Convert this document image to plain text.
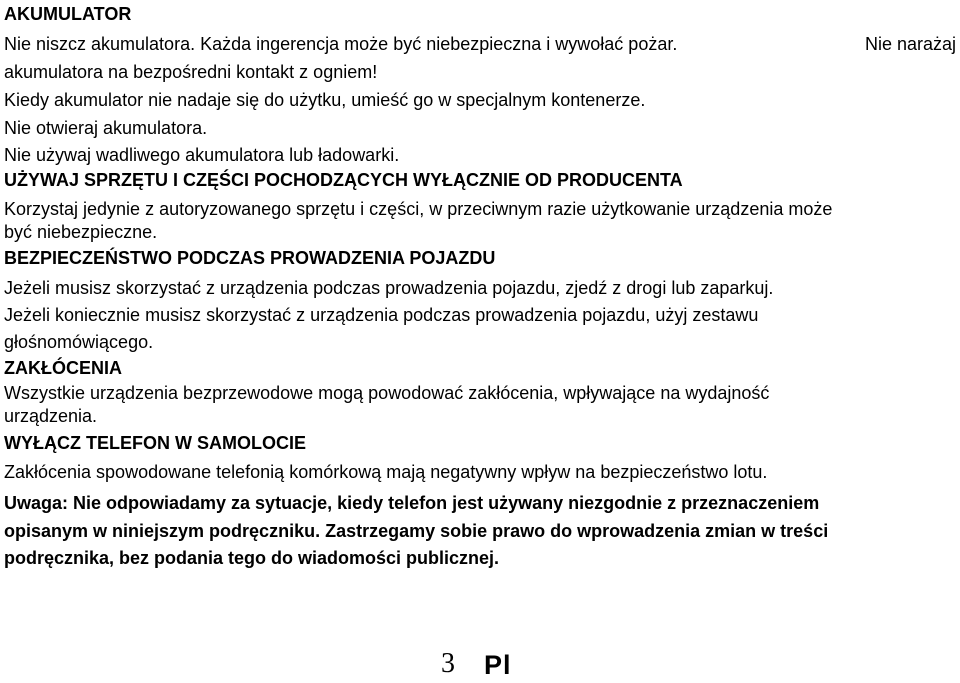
AKUMULATOR
Nie niszcz akumulatora. Każda ingerencja może być niebezpieczna i wywołać pożar.	Nie narażaj
akumulatora na bezpośredni kontakt z ogniem!
Kiedy akumulator nie nadaje się do użytku, umieść go w specjalnym kontenerze.
Nie otwieraj akumulatora.
Nie używaj wadliwego akumulatora lub ładowarki.
UŻYWAJ SPRZĘTU I CZĘŚCI POCHODZĄCYCH WYŁĄCZNIE OD PRODUCENTA
Korzystaj jedynie z autoryzowanego sprzętu i części, w przeciwnym razie użytkowanie urządzenia może
być niebezpieczne.
BEZPIECZEŃSTWO PODCZAS PROWADZENIA POJAZDU
Jeżeli musisz skorzystać z urządzenia podczas prowadzenia pojazdu, zjedź z drogi lub zaparkuj.
Jeżeli koniecznie musisz skorzystać z urządzenia podczas prowadzenia pojazdu, użyj zestawu
głośnomówiącego.
ZAKŁÓCENIA
Wszystkie urządzenia bezprzewodowe mogą powodować zakłócenia, wpływające na wydajność
urządzenia.
WYŁĄCZ TELEFON W SAMOLOCIE
Zakłócenia spowodowane telefonią komórkową mają negatywny wpływ na bezpieczeństwo lotu.
Uwaga: Nie odpowiadamy za sytuacje, kiedy telefon jest używany niezgodnie z przeznaczeniem
opisanym w niniejszym podręczniku. Zastrzegamy sobie prawo do wprowadzenia zmian w treści
podręcznika, bez podania tego do wiadomości publicznej.
3 Pl
